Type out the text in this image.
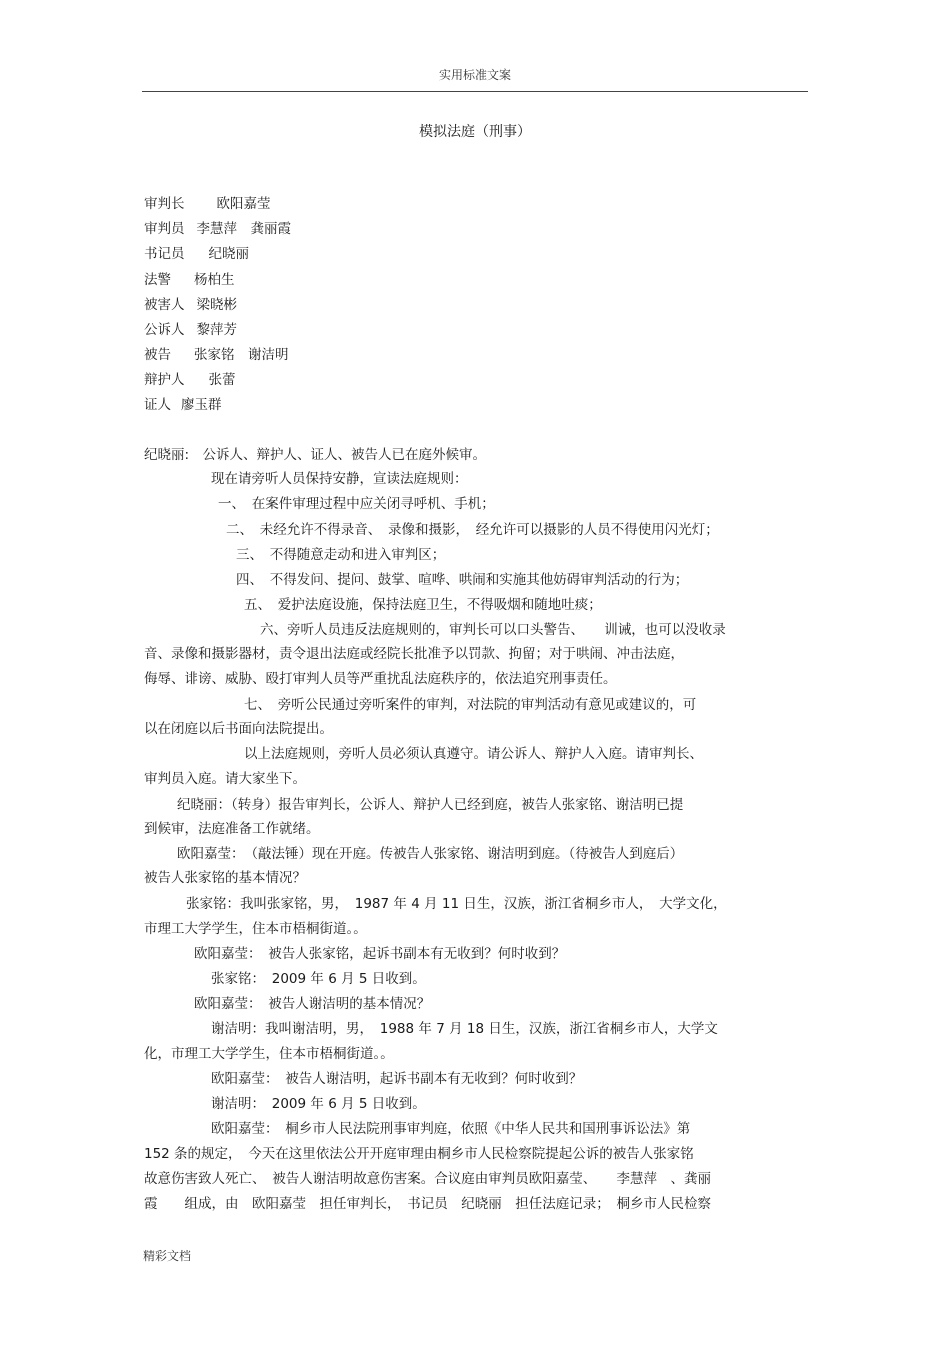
实用标准文案
模拟法庭（刑事）
审判长 欧阳嘉莹
审判员 李慧萍　龚丽霞
书记员 纪晓丽
法警 杨柏生
被害人 梁晓彬
公诉人 黎萍芳
被告 张家铭　谢洁明
辩护人 张蕾
证人 廖玉群
纪晓丽:　公诉人、辩护人、证人、被告人已在庭外候审。
现在请旁听人员保持安静，宣读法庭规则：
一、　在案件审理过程中应关闭寻呼机、手机；
二、　未经允许不得录音、　录像和摄影，　经允许可以摄影的人员不得使用闪光灯；
三、　不得随意走动和进入审判区；
四、　不得发问、提问、鼓掌、喧哗、哄闹和实施其他妨碍审判活动的行为；
五、　爱护法庭设施，保持法庭卫生，不得吸烟和随地吐痰；
六、旁听人员违反法庭规则的，审判长可以口头警告、　　训诫，也可以没收录
音、录像和摄影器材，责令退出法庭或经院长批准予以罚款、拘留；对于哄闹、冲击法庭，
侮辱、诽谤、威胁、殴打审判人员等严重扰乱法庭秩序的，依法追究刑事责任。
七、　旁听公民通过旁听案件的审判，对法院的审判活动有意见或建议的，可
以在闭庭以后书面向法院提出。
以上法庭规则，旁听人员必须认真遵守。请公诉人、辩护人入庭。请审判长、
审判员入庭。请大家坐下。
纪晓丽：（转身）报告审判长，公诉人、辩护人已经到庭，被告人张家铭、谢洁明已提
到候审，法庭准备工作就绪。
欧阳嘉莹：　（敲法锤）现在开庭。传被告人张家铭、谢洁明到庭。（待被告人到庭后）
被告人张家铭的基本情况？
张家铭：我叫张家铭，男，　1987 年 4 月 11 日生，汉族，浙江省桐乡市人，　大学文化，
市理工大学学生，住本市梧桐街道。。
欧阳嘉莹：　被告人张家铭，起诉书副本有无收到？何时收到？
张家铭：　2009 年 6 月 5 日收到。
欧阳嘉莹：　被告人谢洁明的基本情况？
谢洁明：我叫谢洁明，男，　1988 年 7 月 18 日生，汉族，浙江省桐乡市人，大学文
化，市理工大学学生，住本市梧桐街道。。
欧阳嘉莹：　被告人谢洁明，起诉书副本有无收到？何时收到？
谢洁明：　2009 年 6 月 5 日收到。
欧阳嘉莹：　桐乡市人民法院刑事审判庭，依照《中华人民共和国刑事诉讼法》第
152 条的规定，　今天在这里依法公开开庭审理由桐乡市人民检察院提起公诉的被告人张家铭
故意伤害致人死亡、　被告人谢洁明故意伤害案。合议庭由审判员欧阳嘉莹、　　李慧萍　、龚丽
霞　　组成，由　欧阳嘉莹　担任审判长，　书记员　纪晓丽　担任法庭记录；　桐乡市人民检察
精彩文档
